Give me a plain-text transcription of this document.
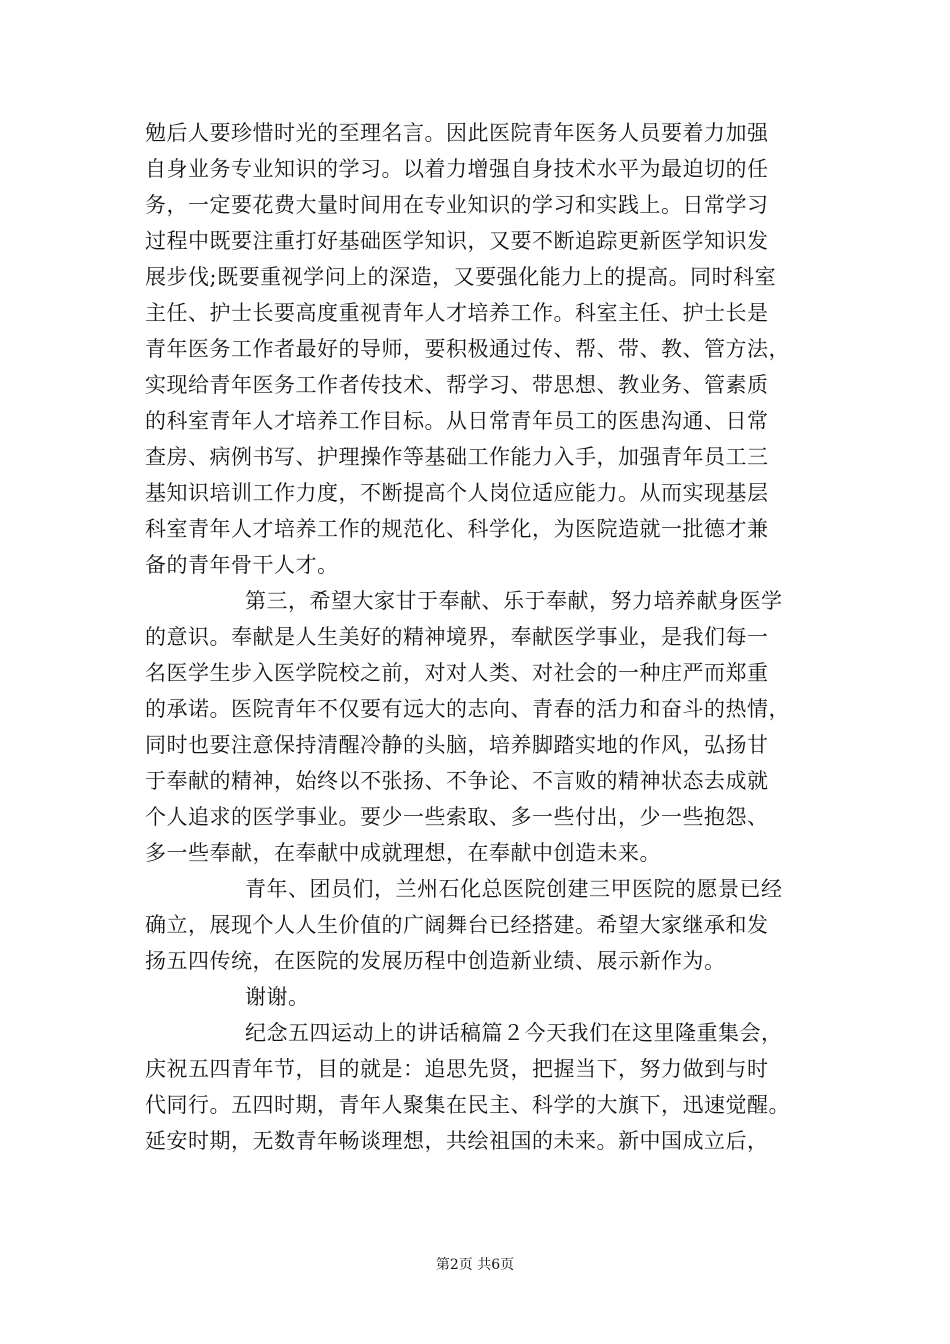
勉后人要珍惜时光的至理名言。因此医院青年医务人员要着力加强
自身业务专业知识的学习。以着力增强自身技术水平为最迫切的任
务，一定要花费大量时间用在专业知识的学习和实践上。日常学习
过程中既要注重打好基础医学知识，又要不断追踪更新医学知识发
展步伐;既要重视学问上的深造，又要强化能力上的提高。同时科室
主任、护士长要高度重视青年人才培养工作。科室主任、护士长是
青年医务工作者最好的导师，要积极通过传、帮、带、教、管方法，
实现给青年医务工作者传技术、帮学习、带思想、教业务、管素质
的科室青年人才培养工作目标。从日常青年员工的医患沟通、日常
查房、病例书写、护理操作等基础工作能力入手，加强青年员工三
基知识培训工作力度，不断提高个人岗位适应能力。从而实现基层
科室青年人才培养工作的规范化、科学化，为医院造就一批德才兼
备的青年骨干人才。
第三，希望大家甘于奉献、乐于奉献，努力培养献身医学
的意识。奉献是人生美好的精神境界，奉献医学事业，是我们每一
名医学生步入医学院校之前，对对人类、对社会的一种庄严而郑重
的承诺。医院青年不仅要有远大的志向、青春的活力和奋斗的热情，
同时也要注意保持清醒冷静的头脑，培养脚踏实地的作风，弘扬甘
于奉献的精神，始终以不张扬、不争论、不言败的精神状态去成就
个人追求的医学事业。要少一些索取、多一些付出，少一些抱怨、
多一些奉献，在奉献中成就理想，在奉献中创造未来。
青年、团员们，兰州石化总医院创建三甲医院的愿景已经
确立，展现个人人生价值的广阔舞台已经搭建。希望大家继承和发
扬五四传统，在医院的发展历程中创造新业绩、展示新作为。
谢谢。
纪念五四运动上的讲话稿篇２今天我们在这里隆重集会，
庆祝五四青年节，目的就是：追思先贤，把握当下，努力做到与时
代同行。五四时期，青年人聚集在民主、科学的大旗下，迅速觉醒。
延安时期，无数青年畅谈理想，共绘祖国的未来。新中国成立后，
第2页 共6页
